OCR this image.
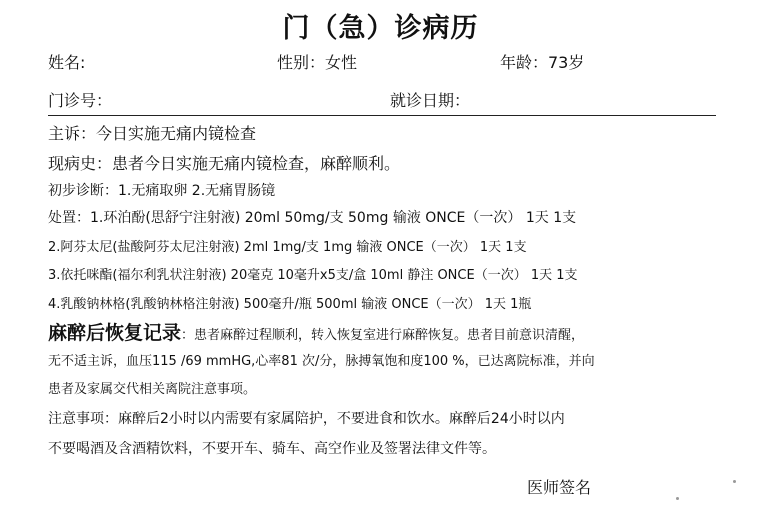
门（急）诊病历
姓名:	性别：女性	年龄：73岁
门诊号：	就诊日期：
主诉：今日实施无痛内镜检查
现病史：患者今日实施无痛内镜检查，麻醉顺利。
初步诊断：1.无痛取卵 2.无痛胃肠镜
处置：1.环泊酚(思舒宁注射液) 20ml 50mg/支 50mg 输液 ONCE（一次） 1天 1支
2.阿芬太尼(盐酸阿芬太尼注射液) 2ml 1mg/支 1mg 输液 ONCE（一次） 1天 1支
3.依托咪酯(福尔利乳状注射液) 20毫克 10毫升x5支/盒 10ml 静注 ONCE（一次） 1天 1支
4.乳酸钠林格(乳酸钠林格注射液) 500毫升/瓶 500ml 输液 ONCE（一次） 1天 1瓶
麻醉后恢复记录：患者麻醉过程顺利，转入恢复室进行麻醉恢复。患者目前意识清醒，
无不适主诉，血压115 /69 mmHG,心率81 次/分，脉搏氧饱和度100 %，已达离院标准，并向
患者及家属交代相关离院注意事项。
注意事项：麻醉后2小时以内需要有家属陪护，不要进食和饮水。麻醉后24小时以内
不要喝酒及含酒精饮料，不要开车、骑车、高空作业及签署法律文件等。
医师签名
